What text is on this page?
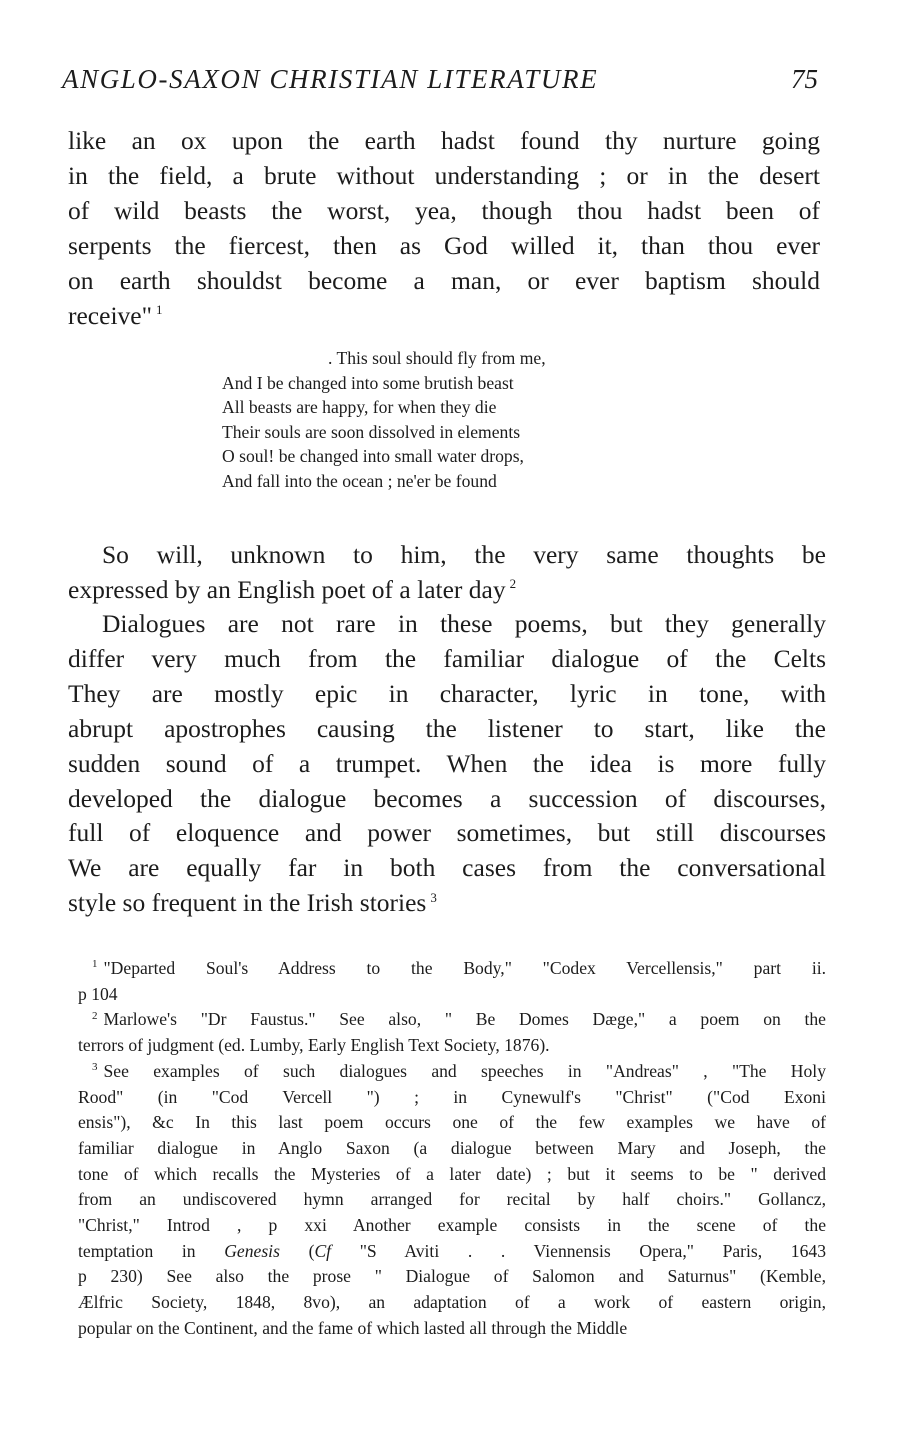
ANGLO-SAXON CHRISTIAN LITERATURE	75
like an ox upon the earth hadst found thy nurture going
in the field, a brute without understanding ; or in the desert
of wild beasts the worst, yea, though thou hadst been of
serpents the fiercest, then as God willed it, than thou ever
on earth shouldst become a man, or ever baptism should
receive" $^1$
. This soul should fly from me,
And I be changed into some brutish beast
All beasts are happy, for when they die
Their souls are soon dissolved in elements
O soul! be changed into small water drops,
And fall into the ocean ; ne'er be found
So will, unknown to him, the very same thoughts be
expressed by an English poet of a later day $^2$
Dialogues are not rare in these poems, but they generally
differ very much from the familiar dialogue of the Celts
They are mostly epic in character, lyric in tone, with
abrupt apostrophes causing the listener to start, like the
sudden sound of a trumpet. When the idea is more fully
developed the dialogue becomes a succession of discourses,
full of eloquence and power sometimes, but still discourses
We are equally far in both cases from the conversational
style so frequent in the Irish stories $^3$
$^1$ "Departed Soul's Address to the Body," "Codex Vercellensis," part ii.
p 104
$^2$ Marlowe's "Dr Faustus." See also, " Be Domes Dæge," a poem on the
terrors of judgment (ed. Lumby, Early English Text Society, 1876).
$^3$ See examples of such dialogues and speeches in "Andreas" , "The Holy
Rood" (in "Cod Vercell ") ; in Cynewulf's "Christ" ("Cod Exoni
ensis"), &c In this last poem occurs one of the few examples we have of
familiar dialogue in Anglo Saxon (a dialogue between Mary and Joseph, the
tone of which recalls the Mysteries of a later date) ; but it seems to be " derived
from an undiscovered hymn arranged for recital by half choirs." Gollancz,
"Christ," Introd , p xxi Another example consists in the scene of the
temptation in Genesis (Cf "S Aviti . . Viennensis Opera," Paris, 1643
p 230) See also the prose " Dialogue of Salomon and Saturnus" (Kemble,
Ælfric Society, 1848, 8vo), an adaptation of a work of eastern origin,
popular on the Continent, and the fame of which lasted all through the Middle
